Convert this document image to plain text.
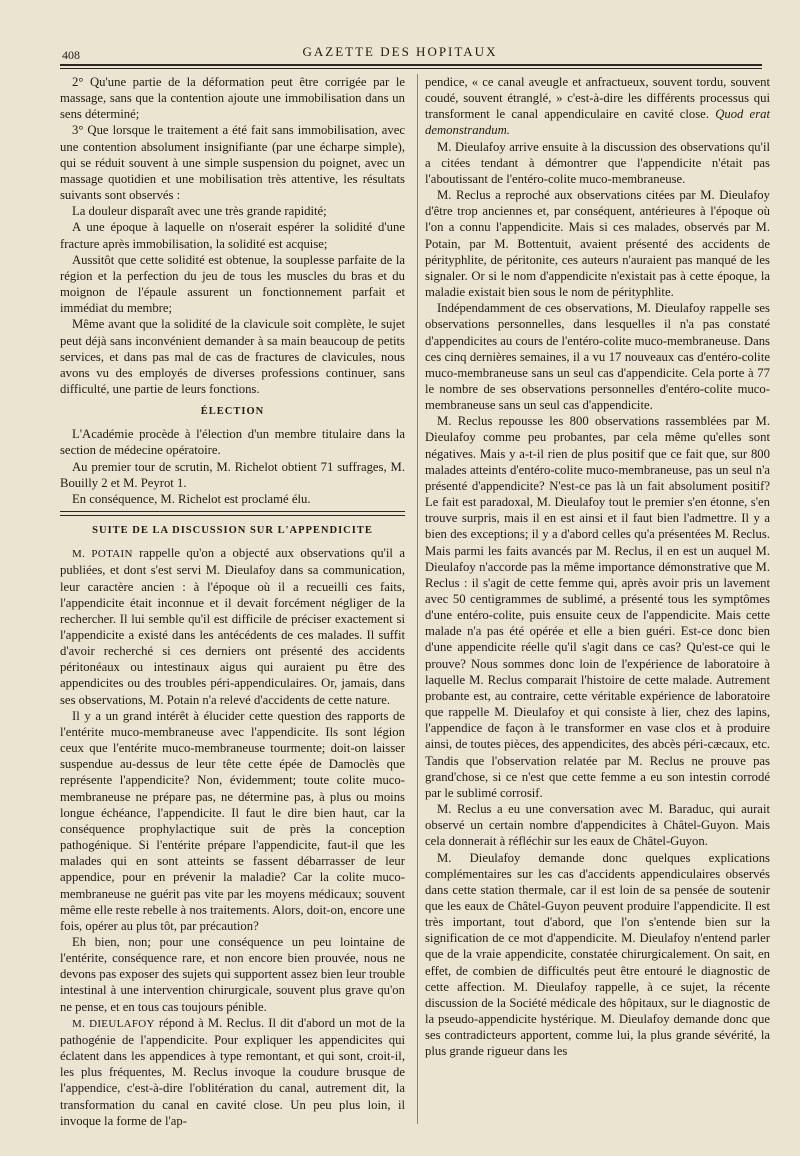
408	GAZETTE DES HOPITAUX

2° Qu'une partie de la déformation peut être corrigée par le massage, sans que la contention ajoute une immobilisation dans un sens déterminé;

3° Que lorsque le traitement a été fait sans immobilisation, avec une contention absolument insignifiante (par une écharpe simple), qui se réduit souvent à une simple suspension du poignet, avec un massage quotidien et une mobilisation très attentive, les résultats suivants sont observés :

La douleur disparaît avec une très grande rapidité;

A une époque à laquelle on n'oserait espérer la solidité d'une fracture après immobilisation, la solidité est acquise;

Aussitôt que cette solidité est obtenue, la souplesse parfaite de la région et la perfection du jeu de tous les muscles du bras et du moignon de l'épaule assurent un fonctionnement parfait et immédiat du membre;

Même avant que la solidité de la clavicule soit complète, le sujet peut déjà sans inconvénient demander à sa main beaucoup de petits services, et dans pas mal de cas de fractures de clavicules, nous avons vu des employés de diverses professions continuer, sans difficulté, une partie de leurs fonctions.

ÉLECTION

L'Académie procède à l'élection d'un membre titulaire dans la section de médecine opératoire.

Au premier tour de scrutin, M. Richelot obtient 71 suffrages, M. Bouilly 2 et M. Peyrot 1.

En conséquence, M. Richelot est proclamé élu.

SUITE DE LA DISCUSSION SUR L'APPENDICITE

M. POTAIN rappelle qu'on a objecté aux observations qu'il a publiées, et dont s'est servi M. Dieulafoy dans sa communication, leur caractère ancien : à l'époque où il a recueilli ces faits, l'appendicite était inconnue et il devait forcément négliger de la rechercher. Il lui semble qu'il est difficile de préciser exactement si l'appendicite a existé dans les antécédents de ces malades. Il suffit d'avoir recherché si ces derniers ont présenté des accidents péritonéaux ou intestinaux aigus qui auraient pu être des appendicites ou des troubles péri-appendiculaires. Or, jamais, dans ses observations, M. Potain n'a relevé d'accidents de cette nature.

Il y a un grand intérêt à élucider cette question des rapports de l'entérite muco-membraneuse avec l'appendicite. Ils sont légion ceux que l'entérite muco-membraneuse tourmente; doit-on laisser suspendue au-dessus de leur tête cette épée de Damoclès que représente l'appendicite? Non, évidemment; toute colite muco-membraneuse ne prépare pas, ne détermine pas, à plus ou moins longue échéance, l'appendicite. Il faut le dire bien haut, car la conséquence prophylactique suit de près la conception pathogénique. Si l'entérite prépare l'appendicite, faut-il que les malades qui en sont atteints se fassent débarrasser de leur appendice, pour en prévenir la maladie? Car la colite muco-membraneuse ne guérit pas vite par les moyens médicaux; souvent même elle reste rebelle à nos traitements. Alors, doit-on, encore une fois, opérer au plus tôt, par précaution?

Eh bien, non; pour une conséquence un peu lointaine de l'entérite, conséquence rare, et non encore bien prouvée, nous ne devons pas exposer des sujets qui supportent assez bien leur trouble intestinal à une intervention chirurgicale, souvent plus grave qu'on ne pense, et en tous cas toujours pénible.

M. DIEULAFOY répond à M. Reclus. Il dit d'abord un mot de la pathogénie de l'appendicite. Pour expliquer les appendicites qui éclatent dans les appendices à type remontant, et qui sont, croit-il, les plus fréquentes, M. Reclus invoque la coudure brusque de l'appendice, c'est-à-dire l'oblitération du canal, autrement dit, la transformation du canal en cavité close. Un peu plus loin, il invoque la forme de l'ap-

pendice, « ce canal aveugle et anfractueux, souvent tordu, souvent coudé, souvent étranglé, » c'est-à-dire les différents processus qui transforment le canal appendiculaire en cavité close. Quod erat demonstrandum.

M. Dieulafoy arrive ensuite à la discussion des observations qu'il a citées tendant à démontrer que l'appendicite n'était pas l'aboutissant de l'entéro-colite muco-membraneuse.

M. Reclus a reproché aux observations citées par M. Dieulafoy d'être trop anciennes et, par conséquent, antérieures à l'époque où l'on a connu l'appendicite. Mais si ces malades, observés par M. Potain, par M. Bottentuit, avaient présenté des accidents de pérityphlite, de péritonite, ces auteurs n'auraient pas manqué de les signaler. Or si le nom d'appendicite n'existait pas à cette époque, la maladie existait bien sous le nom de pérityphlite.

Indépendamment de ces observations, M. Dieulafoy rappelle ses observations personnelles, dans lesquelles il n'a pas constaté d'appendicites au cours de l'entéro-colite muco-membraneuse. Dans ces cinq dernières semaines, il a vu 17 nouveaux cas d'entéro-colite muco-membraneuse sans un seul cas d'appendicite. Cela porte à 77 le nombre de ses observations personnelles d'entéro-colite muco-membraneuse sans un seul cas d'appendicite.

M. Reclus repousse les 800 observations rassemblées par M. Dieulafoy comme peu probantes, par cela même qu'elles sont négatives. Mais y a-t-il rien de plus positif que ce fait que, sur 800 malades atteints d'entéro-colite muco-membraneuse, pas un seul n'a présenté d'appendicite? N'est-ce pas là un fait absolument positif? Le fait est paradoxal, M. Dieulafoy tout le premier s'en étonne, s'en trouve surpris, mais il en est ainsi et il faut bien l'admettre. Il y a bien des exceptions; il y a d'abord celles qu'a présentées M. Reclus. Mais parmi les faits avancés par M. Reclus, il en est un auquel M. Dieulafoy n'accorde pas la même importance démonstrative que M. Reclus : il s'agit de cette femme qui, après avoir pris un lavement avec 50 centigrammes de sublimé, a présenté tous les symptômes d'une entéro-colite, puis ensuite ceux de l'appendicite. Mais cette malade n'a pas été opérée et elle a bien guéri. Est-ce donc bien d'une appendicite réelle qu'il s'agit dans ce cas? Qu'est-ce qui le prouve? Nous sommes donc loin de l'expérience de laboratoire à laquelle M. Reclus comparait l'histoire de cette malade. Autrement probante est, au contraire, cette véritable expérience de laboratoire que rappelle M. Dieulafoy et qui consiste à lier, chez des lapins, l'appendice de façon à le transformer en vase clos et à produire ainsi, de toutes pièces, des appendicites, des abcès péri-cæcaux, etc. Tandis que l'observation relatée par M. Reclus ne prouve pas grand'chose, si ce n'est que cette femme a eu son intestin corrodé par le sublimé corrosif.

M. Reclus a eu une conversation avec M. Baraduc, qui aurait observé un certain nombre d'appendicites à Châtel-Guyon. Mais cela donnerait à réfléchir sur les eaux de Châtel-Guyon.

M. Dieulafoy demande donc quelques explications complémentaires sur les cas d'accidents appendiculaires observés dans cette station thermale, car il est loin de sa pensée de soutenir que les eaux de Châtel-Guyon peuvent produire l'appendicite. Il est très important, tout d'abord, que l'on s'entende bien sur la signification de ce mot d'appendicite. M. Dieulafoy n'entend parler que de la vraie appendicite, constatée chirurgicalement. On sait, en effet, de combien de difficultés peut être entouré le diagnostic de cette affection. M. Dieulafoy rappelle, à ce sujet, la récente discussion de la Société médicale des hôpitaux, sur le diagnostic de la pseudo-appendicite hystérique. M. Dieulafoy demande donc que ses contradicteurs apportent, comme lui, la plus grande sévérité, la plus grande rigueur dans les
